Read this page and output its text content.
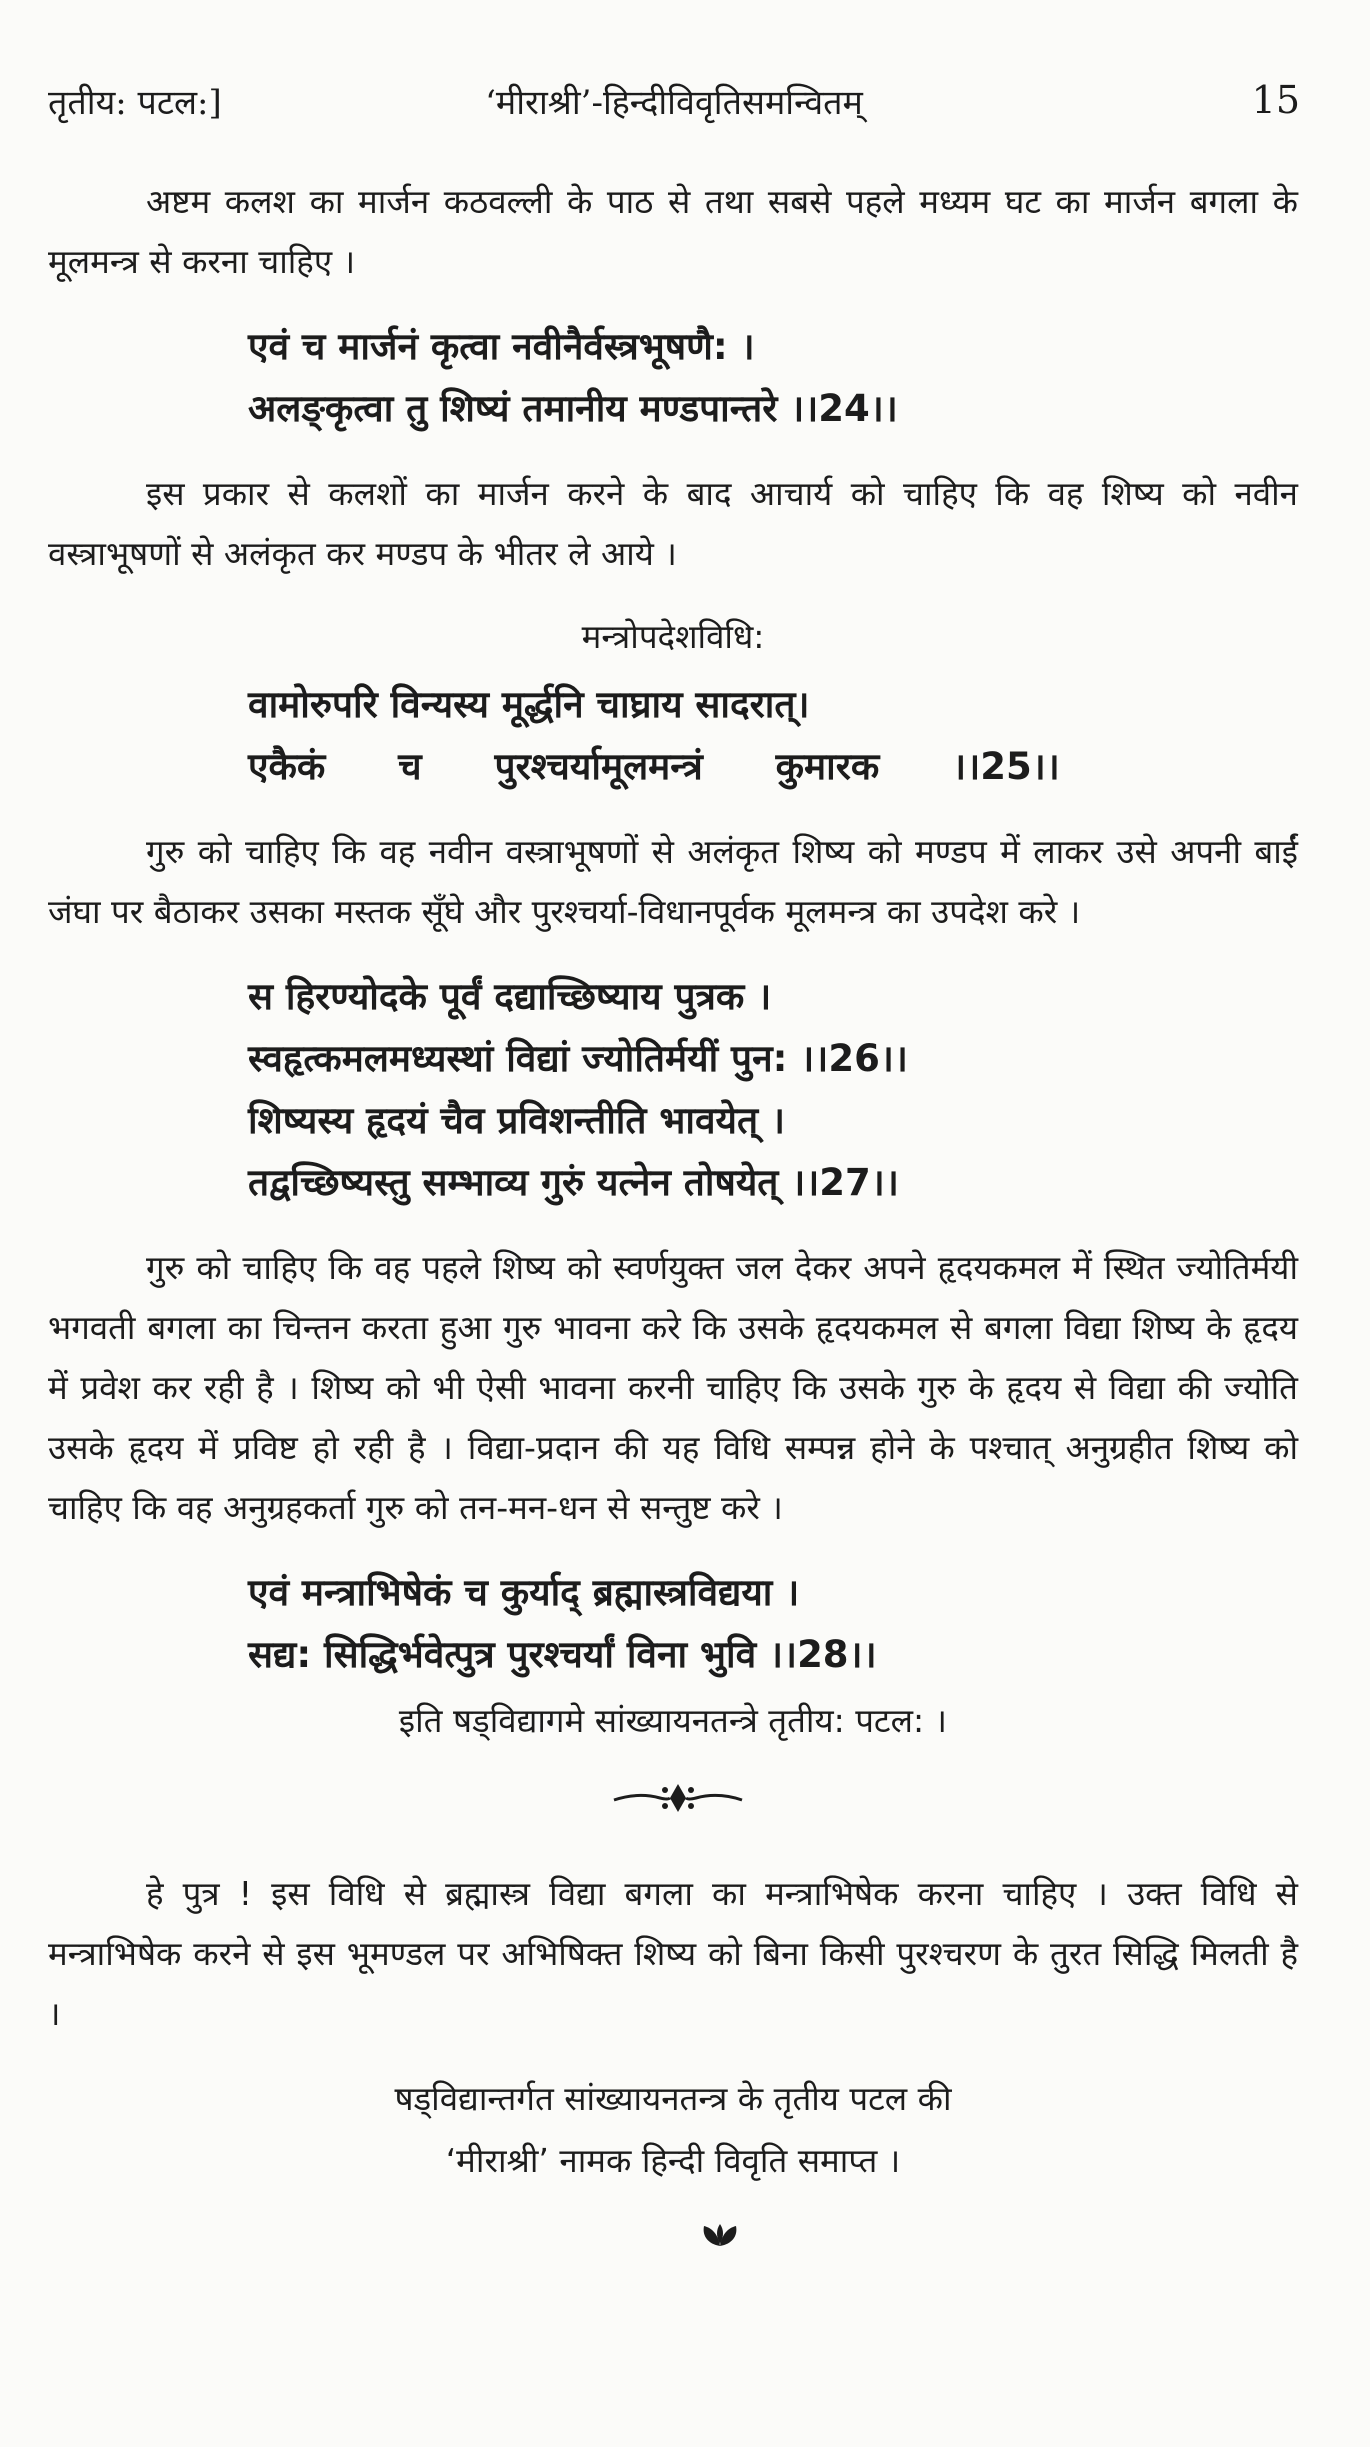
तृतीय: पटल:]	‘मीराश्री’-हिन्दीविवृतिसमन्वितम्	15

अष्टम कलश का मार्जन कठवल्ली के पाठ से तथा सबसे पहले मध्यम घट का मार्जन बगला के मूलमन्त्र से करना चाहिए ।

एवं च मार्जनं कृत्वा नवीनैर्वस्त्रभूषणै: ।
अलङ्कृत्वा तु शिष्यं तमानीय मण्डपान्तरे ।।24।।

इस प्रकार से कलशों का मार्जन करने के बाद आचार्य को चाहिए कि वह शिष्य को नवीन वस्त्राभूषणों से अलंकृत कर मण्डप के भीतर ले आये ।

मन्त्रोपदेशविधि:

वामोरुपरि विन्यस्य मूर्द्धनि चाघ्राय सादरात्।
एकैकं च पुरश्चर्यामूलमन्त्रं कुमारक ।।25।।

गुरु को चाहिए कि वह नवीन वस्त्राभूषणों से अलंकृत शिष्य को मण्डप में लाकर उसे अपनी बाईं जंघा पर बैठाकर उसका मस्तक सूँघे और पुरश्चर्या-विधानपूर्वक मूलमन्त्र का उपदेश करे ।

स हिरण्योदके पूर्वं दद्याच्छिष्याय पुत्रक ।
स्वहृत्कमलमध्यस्थां विद्यां ज्योतिर्मयीं पुन: ।।26।।
शिष्यस्य हृदयं चैव प्रविशन्तीति भावयेत् ।
तद्वच्छिष्यस्तु सम्भाव्य गुरुं यत्नेन तोषयेत् ।।27।।

गुरु को चाहिए कि वह पहले शिष्य को स्वर्णयुक्त जल देकर अपने हृदयकमल में स्थित ज्योतिर्मयी भगवती बगला का चिन्तन करता हुआ गुरु भावना करे कि उसके हृदयकमल से बगला विद्या शिष्य के हृदय में प्रवेश कर रही है । शिष्य को भी ऐसी भावना करनी चाहिए कि उसके गुरु के हृदय से विद्या की ज्योति उसके हृदय में प्रविष्ट हो रही है । विद्या-प्रदान की यह विधि सम्पन्न होने के पश्चात् अनुग्रहीत शिष्य को चाहिए कि वह अनुग्रहकर्ता गुरु को तन-मन-धन से सन्तुष्ट करे ।

एवं मन्त्राभिषेकं च कुर्याद् ब्रह्मास्त्रविद्यया ।
सद्य: सिद्धिर्भवेत्पुत्र पुरश्चर्यां विना भुवि ।।28।।

इति षड्विद्यागमे सांख्यायनतन्त्रे तृतीय: पटल: ।

हे पुत्र ! इस विधि से ब्रह्मास्त्र विद्या बगला का मन्त्राभिषेक करना चाहिए । उक्त विधि से मन्त्राभिषेक करने से इस भूमण्डल पर अभिषिक्त शिष्य को बिना किसी पुरश्चरण के तुरत सिद्धि मिलती है ।

षड्विद्यान्तर्गत सांख्यायनतन्त्र के तृतीय पटल की
‘मीराश्री’ नामक हिन्दी विवृति समाप्त ।
